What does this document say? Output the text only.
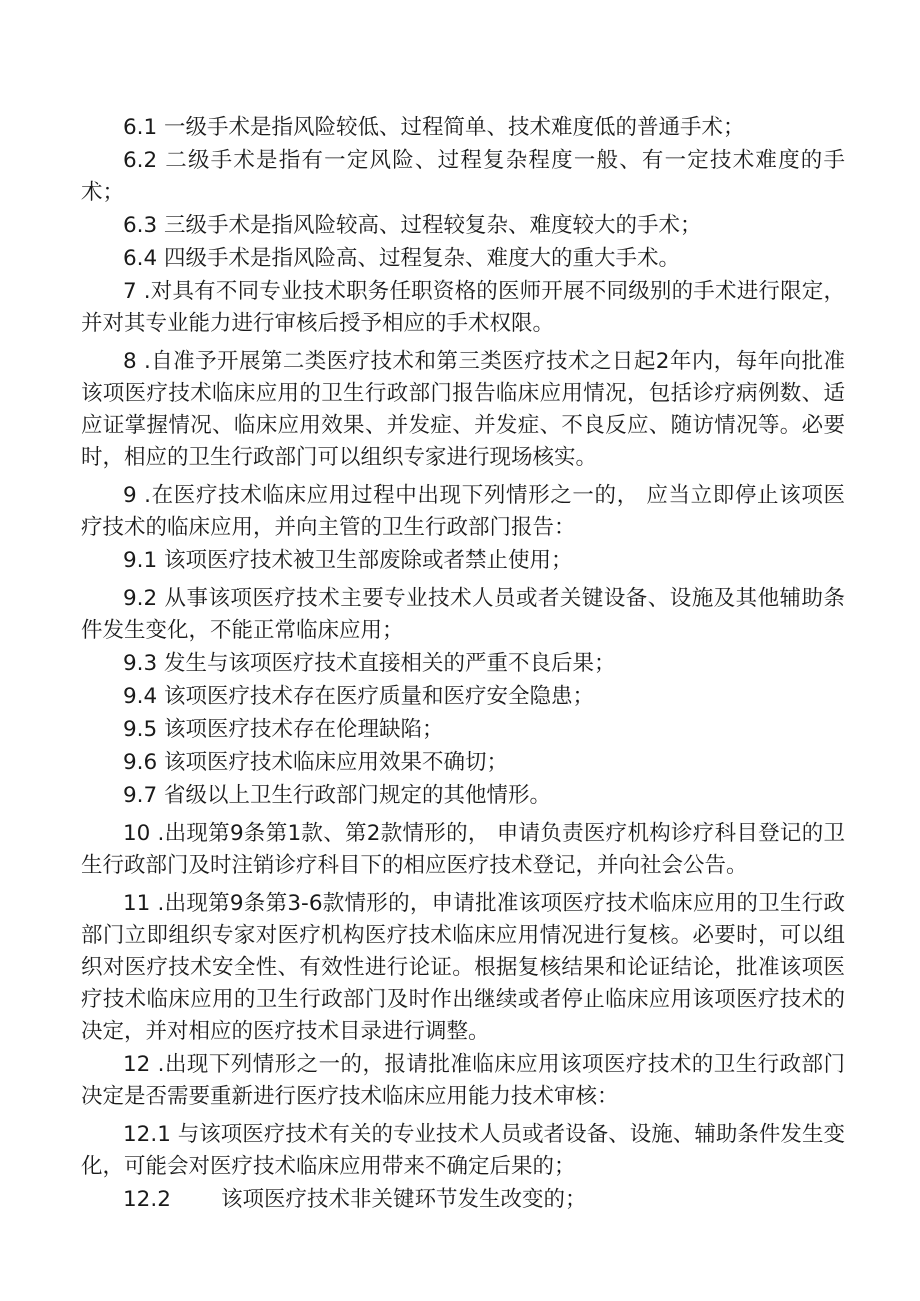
6.1 一级手术是指风险较低、过程简单、技术难度低的普通手术；

6.2 二级手术是指有一定风险、过程复杂程度一般、有一定技术难度的手术；

6.3 三级手术是指风险较高、过程较复杂、难度较大的手术；

6.4 四级手术是指风险高、过程复杂、难度大的重大手术。

7 .对具有不同专业技术职务任职资格的医师开展不同级别的手术进行限定，并对其专业能力进行审核后授予相应的手术权限。

8 .自准予开展第二类医疗技术和第三类医疗技术之日起2年内，每年向批准该项医疗技术临床应用的卫生行政部门报告临床应用情况，包括诊疗病例数、适应证掌握情况、临床应用效果、并发症、并发症、不良反应、随访情况等。必要时，相应的卫生行政部门可以组织专家进行现场核实。

9 .在医疗技术临床应用过程中出现下列情形之一的， 应当立即停止该项医疗技术的临床应用，并向主管的卫生行政部门报告：

9.1 该项医疗技术被卫生部废除或者禁止使用；

9.2 从事该项医疗技术主要专业技术人员或者关键设备、设施及其他辅助条件发生变化，不能正常临床应用；

9.3 发生与该项医疗技术直接相关的严重不良后果；

9.4 该项医疗技术存在医疗质量和医疗安全隐患；

9.5 该项医疗技术存在伦理缺陷；

9.6 该项医疗技术临床应用效果不确切；

9.7 省级以上卫生行政部门规定的其他情形。

10 .出现第9条第1款、第2款情形的， 申请负责医疗机构诊疗科目登记的卫生行政部门及时注销诊疗科目下的相应医疗技术登记，并向社会公告。

11 .出现第9条第3-6款情形的，申请批准该项医疗技术临床应用的卫生行政部门立即组织专家对医疗机构医疗技术临床应用情况进行复核。必要时，可以组织对医疗技术安全性、有效性进行论证。根据复核结果和论证结论，批准该项医疗技术临床应用的卫生行政部门及时作出继续或者停止临床应用该项医疗技术的决定，并对相应的医疗技术目录进行调整。

12 .出现下列情形之一的，报请批准临床应用该项医疗技术的卫生行政部门决定是否需要重新进行医疗技术临床应用能力技术审核：

12.1 与该项医疗技术有关的专业技术人员或者设备、设施、辅助条件发生变化，可能会对医疗技术临床应用带来不确定后果的；

12.2 该项医疗技术非关键环节发生改变的；
